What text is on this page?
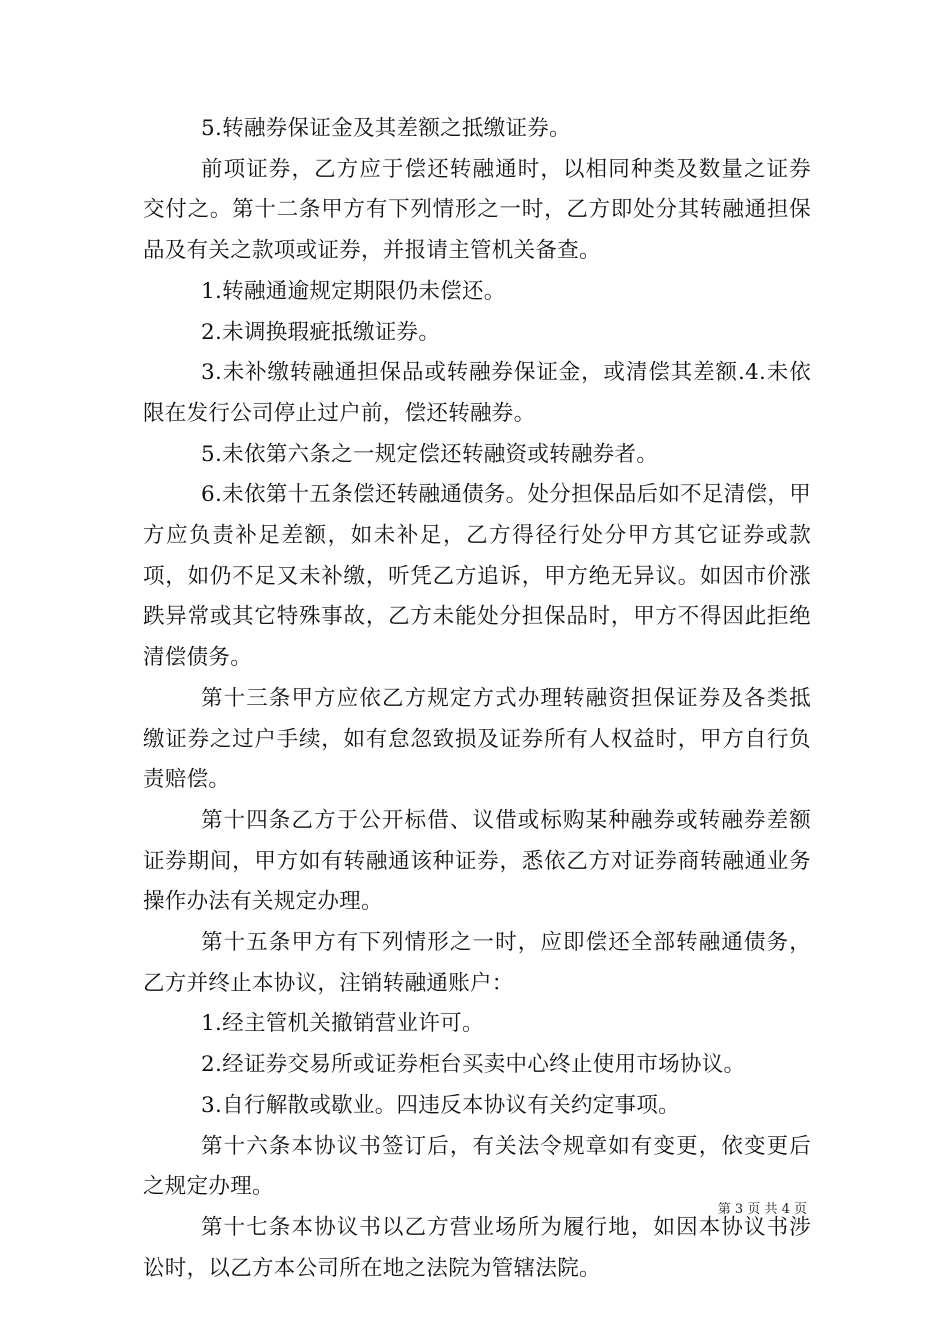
5.转融券保证金及其差额之抵缴证券。

前项证券，乙方应于偿还转融通时，以相同种类及数量之证券交付之。第十二条甲方有下列情形之一时，乙方即处分其转融通担保品及有关之款项或证券，并报请主管机关备查。

1.转融通逾规定期限仍未偿还。

2.未调换瑕疵抵缴证券。

3.未补缴转融通担保品或转融券保证金，或清偿其差额.4.未依限在发行公司停止过户前，偿还转融券。

5.未依第六条之一规定偿还转融资或转融券者。

6.未依第十五条偿还转融通债务。处分担保品后如不足清偿，甲方应负责补足差额，如未补足，乙方得径行处分甲方其它证券或款项，如仍不足又未补缴，听凭乙方追诉，甲方绝无异议。如因市价涨跌异常或其它特殊事故，乙方未能处分担保品时，甲方不得因此拒绝清偿债务。

第十三条甲方应依乙方规定方式办理转融资担保证券及各类抵缴证券之过户手续，如有怠忽致损及证券所有人权益时，甲方自行负责赔偿。

第十四条乙方于公开标借、议借或标购某种融券或转融券差额证券期间，甲方如有转融通该种证券，悉依乙方对证券商转融通业务操作办法有关规定办理。

第十五条甲方有下列情形之一时，应即偿还全部转融通债务，乙方并终止本协议，注销转融通账户：

1.经主管机关撤销营业许可。

2.经证券交易所或证券柜台买卖中心终止使用市场协议。

3.自行解散或歇业。四违反本协议有关约定事项。

第十六条本协议书签订后，有关法令规章如有变更，依变更后之规定办理。

第十七条本协议书以乙方营业场所为履行地，如因本协议书涉讼时，以乙方本公司所在地之法院为管辖法院。

第 3 页 共 4 页
